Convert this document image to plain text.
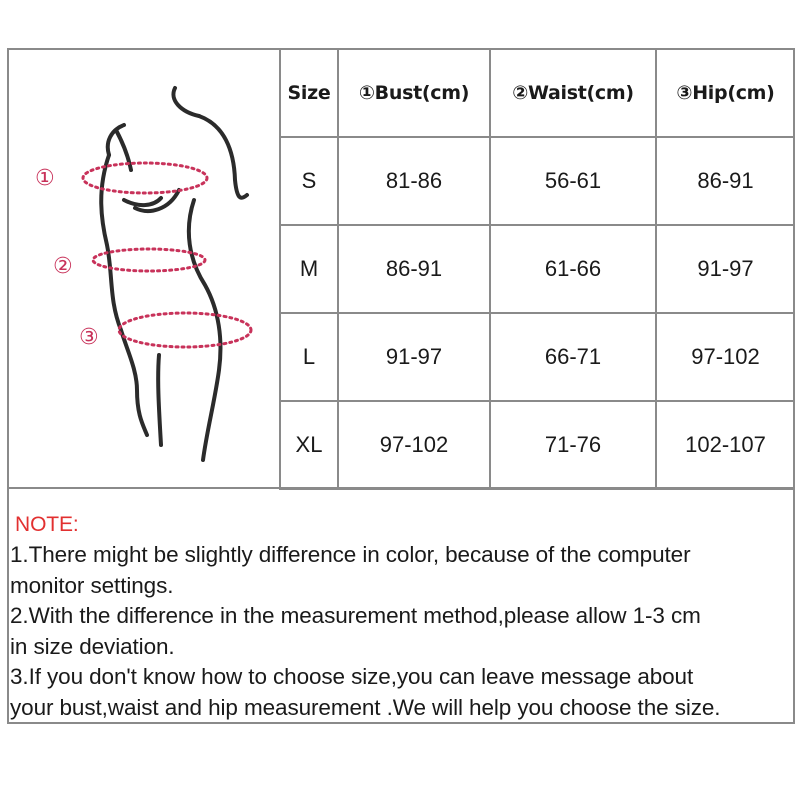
①
②
③
Size	①Bust(cm)	②Waist(cm)	③Hip(cm)
S	81-86	56-61	86-91
M	86-91	61-66	91-97
L	91-97	66-71	97-102
XL	97-102	71-76	102-107
NOTE:

1.There might be slightly difference in color, because of the computer

monitor settings.

2.With the difference in the measurement method,please allow 1-3 cm

in size deviation.

3.If you don't know how to choose size,you can leave message about

your bust,waist and hip measurement .We will help you choose the size.
